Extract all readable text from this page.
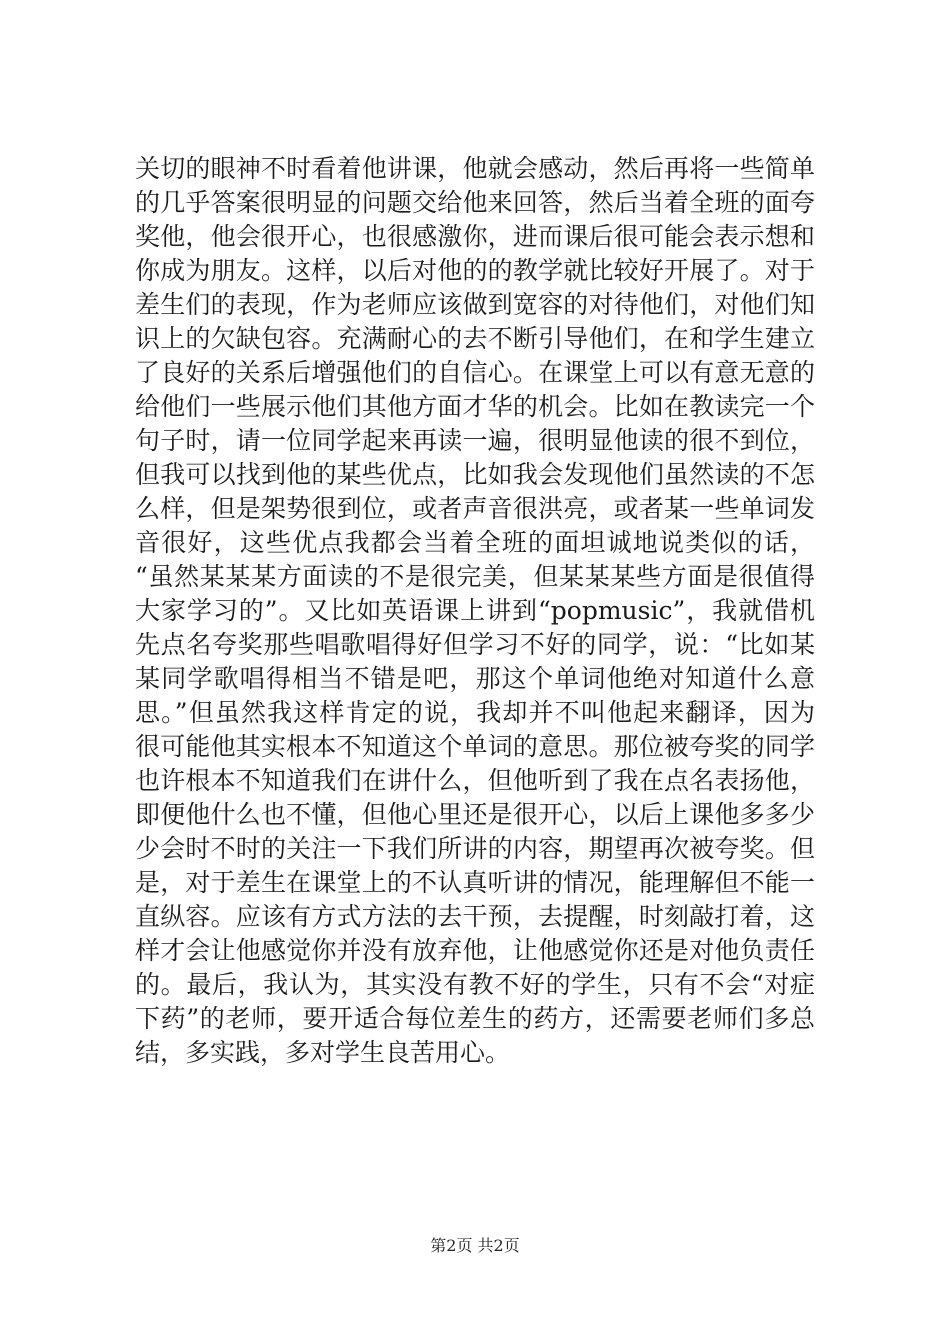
关切的眼神不时看着他讲课，他就会感动，然后再将一些简单
的几乎答案很明显的问题交给他来回答，然后当着全班的面夸
奖他，他会很开心，也很感激你，进而课后很可能会表示想和
你成为朋友。这样，以后对他的的教学就比较好开展了。对于
差生们的表现，作为老师应该做到宽容的对待他们，对他们知
识上的欠缺包容。充满耐心的去不断引导他们，在和学生建立
了良好的关系后增强他们的自信心。在课堂上可以有意无意的
给他们一些展示他们其他方面才华的机会。比如在教读完一个
句子时，请一位同学起来再读一遍，很明显他读的很不到位，
但我可以找到他的某些优点，比如我会发现他们虽然读的不怎
么样，但是架势很到位，或者声音很洪亮，或者某一些单词发
音很好，这些优点我都会当着全班的面坦诚地说类似的话，
“虽然某某某方面读的不是很完美，但某某某些方面是很值得
大家学习的”。又比如英语课上讲到“popmusic”，我就借机
先点名夸奖那些唱歌唱得好但学习不好的同学，说：“比如某
某同学歌唱得相当不错是吧，那这个单词他绝对知道什么意
思。”但虽然我这样肯定的说，我却并不叫他起来翻译，因为
很可能他其实根本不知道这个单词的意思。那位被夸奖的同学
也许根本不知道我们在讲什么，但他听到了我在点名表扬他，
即便他什么也不懂，但他心里还是很开心，以后上课他多多少
少会时不时的关注一下我们所讲的内容，期望再次被夸奖。但
是，对于差生在课堂上的不认真听讲的情况，能理解但不能一
直纵容。应该有方式方法的去干预，去提醒，时刻敲打着，这
样才会让他感觉你并没有放弃他，让他感觉你还是对他负责任
的。最后，我认为，其实没有教不好的学生，只有不会“对症
下药”的老师，要开适合每位差生的药方，还需要老师们多总
结，多实践，多对学生良苦用心。
第2页 共2页
